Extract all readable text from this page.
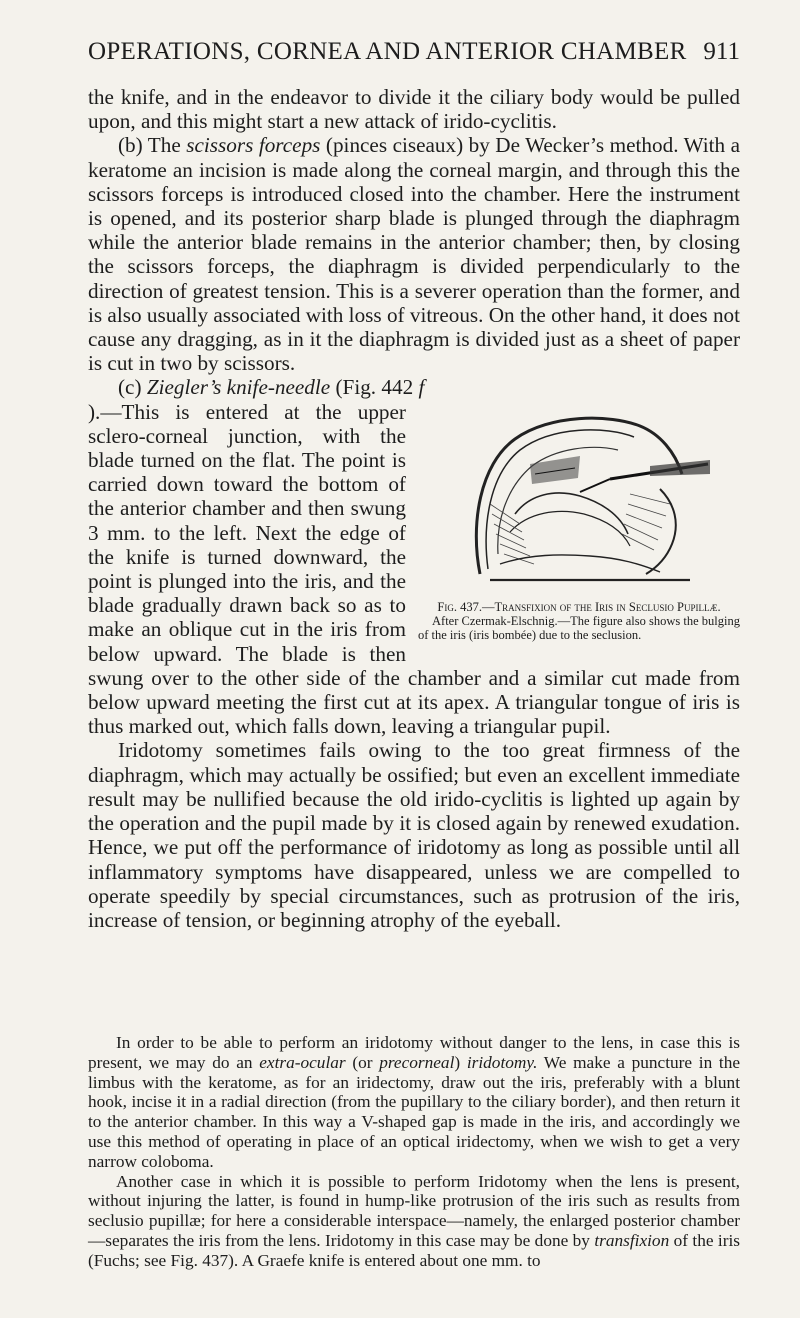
OPERATIONS, CORNEA AND ANTERIOR CHAMBER 911

the knife, and in the endeavor to divide it the ciliary body would be pulled upon, and this might start a new attack of irido-cyclitis.

(b) The scissors forceps (pinces ciseaux) by De Wecker’s method. With a keratome an incision is made along the corneal margin, and through this the scissors forceps is introduced closed into the chamber. Here the instrument is opened, and its posterior sharp blade is plunged through the diaphragm while the anterior blade remains in the anterior chamber; then, by closing the scissors forceps, the diaphragm is divided perpendicularly to the direction of greatest tension. This is a severer operation than the former, and is also usually associated with loss of vitreous. On the other hand, it does not cause any dragging, as in it the diaphragm is divided just as a sheet of paper is cut in two by scissors.

(c) Ziegler’s knife-needle (Fig. 442 f

Fig. 437.—Transfixion of the Iris in Seclusio Pupillæ.
After Czermak-Elschnig.—The figure also shows the bulging of the iris (iris bombée) due to the seclusion.
).—This is entered at the upper sclero-corneal junction, with the blade turned on the flat. The point is carried down toward the bottom of the anterior chamber and then swung 3 mm. to the left. Next the edge of the knife is turned downward, the point is plunged into the iris, and the blade gradually drawn back so as to make an oblique cut in the iris from below upward. The blade is then swung over to the other side of the chamber and a similar cut made from below upward meeting the first cut at its apex. A triangular tongue of iris is thus marked out, which falls down, leaving a triangular pupil.

Iridotomy sometimes fails owing to the too great firmness of the diaphragm, which may actually be ossified; but even an excellent immediate result may be nullified because the old irido-cyclitis is lighted up again by the operation and the pupil made by it is closed again by renewed exudation. Hence, we put off the performance of iridotomy as long as possible until all inflammatory symptoms have disappeared, unless we are compelled to operate speedily by special circumstances, such as protrusion of the iris, increase of tension, or beginning atrophy of the eyeball.

In order to be able to perform an iridotomy without danger to the lens, in case this is present, we may do an extra-ocular (or precorneal) iridotomy. We make a puncture in the limbus with the keratome, as for an iridectomy, draw out the iris, preferably with a blunt hook, incise it in a radial direction (from the pupillary to the ciliary border), and then return it to the anterior chamber. In this way a V-shaped gap is made in the iris, and accordingly we use this method of operating in place of an optical iridectomy, when we wish to get a very narrow coloboma.

Another case in which it is possible to perform Iridotomy when the lens is present, without injuring the latter, is found in hump-like protrusion of the iris such as results from seclusio pupillæ; for here a considerable interspace—namely, the enlarged posterior chamber—separates the iris from the lens. Iridotomy in this case may be done by transfixion of the iris (Fuchs; see Fig. 437). A Graefe knife is entered about one mm. to
